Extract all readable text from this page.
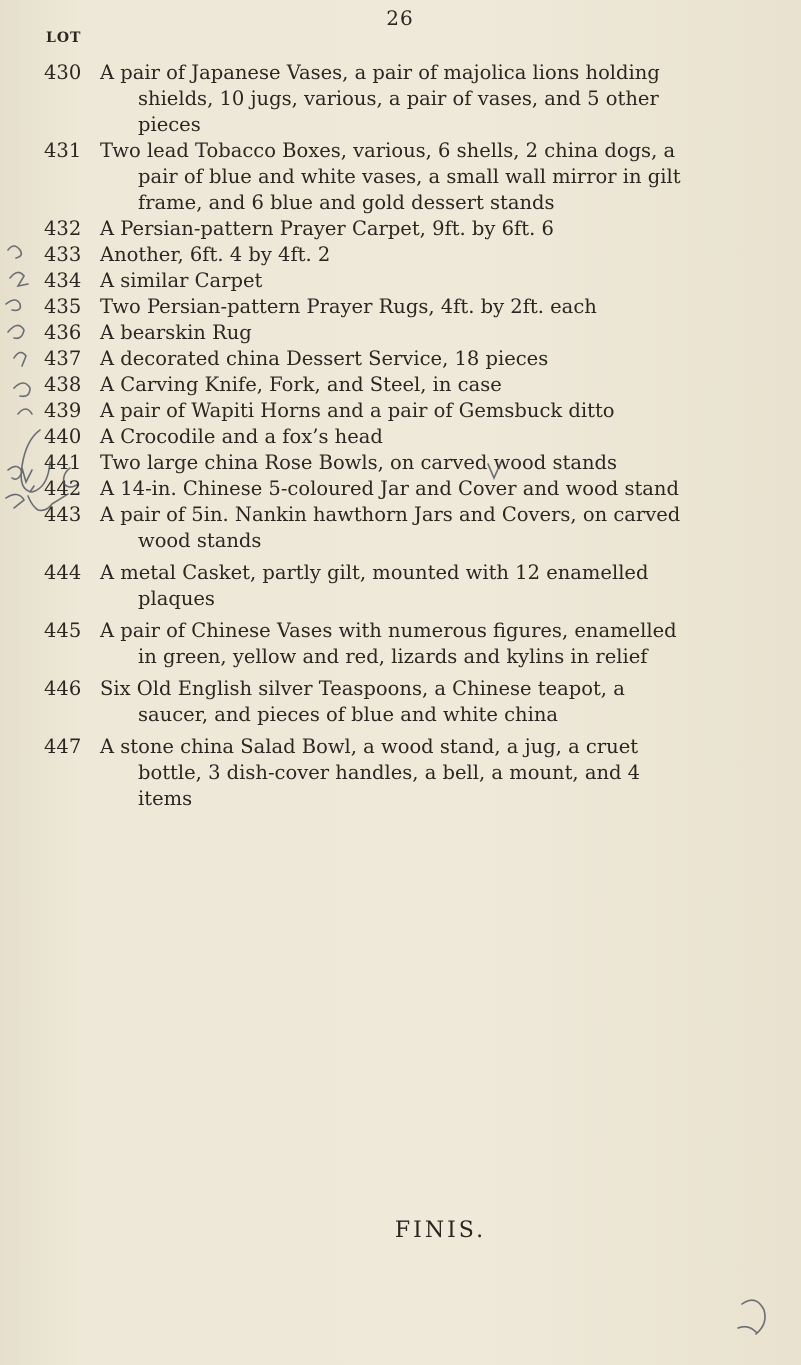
26
LOT
430 A pair of Japanese Vases, a pair of majolica lions holding
shields, 10 jugs, various, a pair of vases, and 5 other
pieces
431 Two lead Tobacco Boxes, various, 6 shells, 2 china dogs, a
pair of blue and white vases, a small wall mirror in gilt
frame, and 6 blue and gold dessert stands
432 A Persian-pattern Prayer Carpet, 9ft. by 6ft. 6
433 Another, 6ft. 4 by 4ft. 2
434 A similar Carpet
435 Two Persian-pattern Prayer Rugs, 4ft. by 2ft. each
436 A bearskin Rug
437 A decorated china Dessert Service, 18 pieces
438 A Carving Knife, Fork, and Steel, in case
439 A pair of Wapiti Horns and a pair of Gemsbuck ditto
440 A Crocodile and a fox’s head
441 Two large china Rose Bowls, on carved wood stands
442 A 14-in. Chinese 5-coloured Jar and Cover and wood stand
443 A pair of 5in. Nankin hawthorn Jars and Covers, on carved
wood stands
444 A metal Casket, partly gilt, mounted with 12 enamelled
plaques
445 A pair of Chinese Vases with numerous figures, enamelled
in green, yellow and red, lizards and kylins in relief
446 Six Old English silver Teaspoons, a Chinese teapot, a
saucer, and pieces of blue and white china
447 A stone china Salad Bowl, a wood stand, a jug, a cruet
bottle, 3 dish-cover handles, a bell, a mount, and 4
items
FINIS.
